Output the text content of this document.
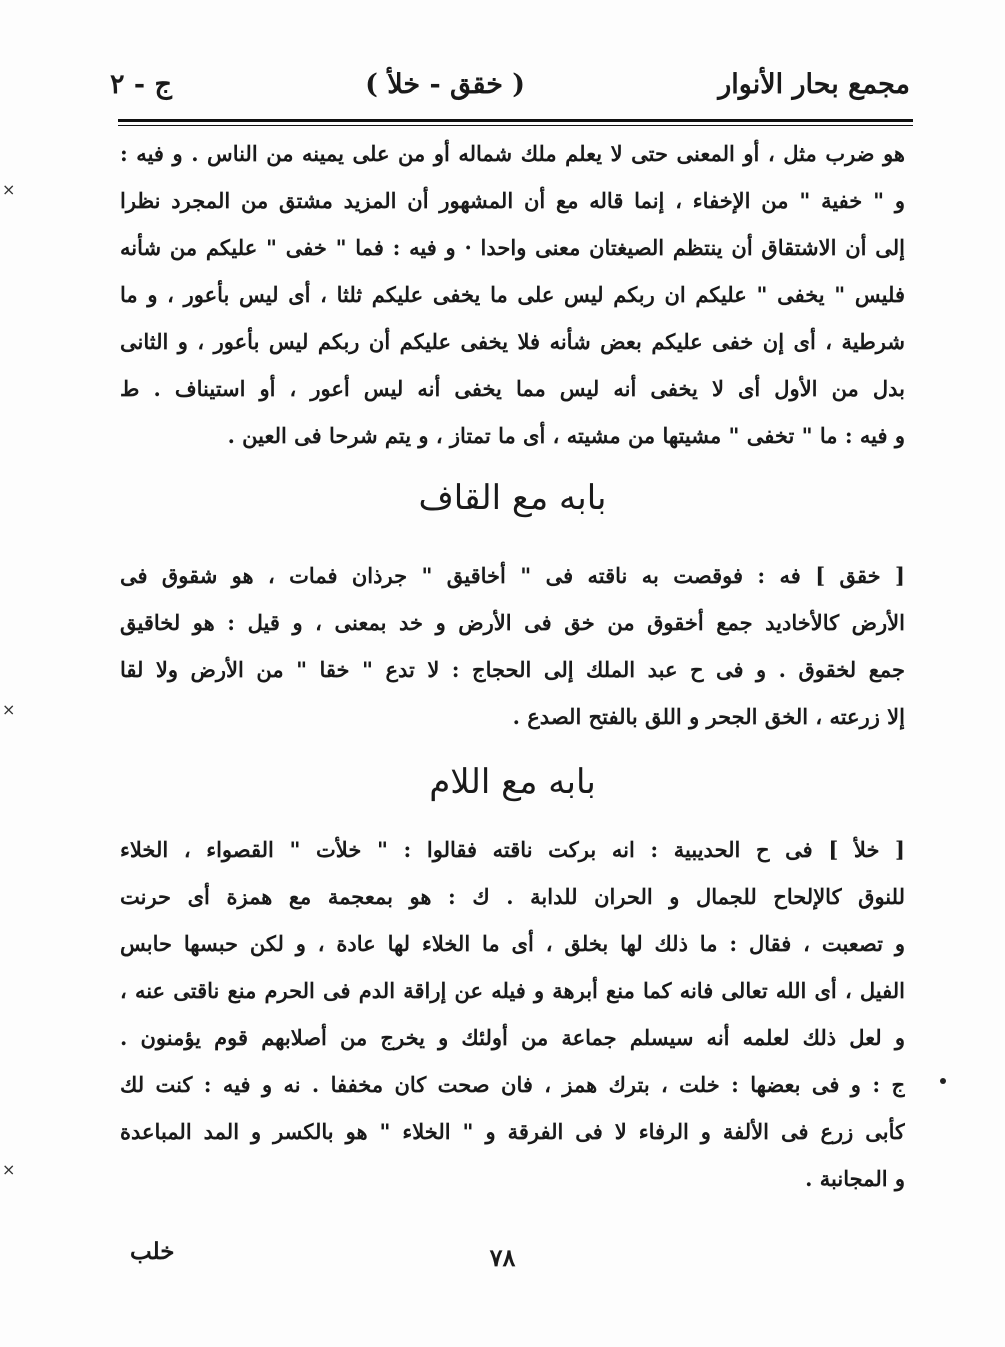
مجمع بحار الأنوار
( خقق - خلأ )
ج - ٢
هو ضرب مثل ، أو المعنى حتى لا يعلم ملك شماله أو من على يمينه من الناس . و فيه :
و " خفية " من الإخفاء ، إنما قاله مع أن المشهور أن المزيد مشتق من المجرد نظرا
إلى أن الاشتقاق أن ينتظم الصيغتان معنى واحدا · و فيه : فما " خفى " عليكم من شأنه
فليس " يخفى " عليكم ان ربكم ليس على ما يخفى عليكم ثلثا ، أى ليس بأعور ، و ما
شرطية ، أى إن خفى عليكم بعض شأنه فلا يخفى عليكم أن ربكم ليس بأعور ، و الثانى
بدل من الأول أى لا يخفى أنه ليس مما يخفى أنه ليس أعور ، أو استيناف . ط
و فيه : ما " تخفى " مشيتها من مشيته ، أى ما تمتاز ، و يتم شرحا فى العين .
بابه مع القاف
[ خقق ] فه : فوقصت به ناقته فى " أخاقيق " جرذان فمات ، هو شقوق فى
الأرض كالأخاديد جمع أخقوق من خق فى الأرض و خد بمعنى ، و قيل : هو لخاقيق
جمع لخقوق . و فى ح عبد الملك إلى الحجاج : لا تدع " خقا " من الأرض ولا لقا
إلا زرعته ، الخق الجحر و اللق بالفتح الصدع .
بابه مع اللام
[ خلأ ] فى ح الحديبية : انه بركت ناقته فقالوا : " خلأت " القصواء ، الخلاء
للنوق كالإلحاح للجمال و الحران للدابة . ك : هو بمعجمة مع همزة أى حرنت
و تصعبت ، فقال : ما ذلك لها بخلق ، أى ما الخلاء لها عادة ، و لكن حبسها حابس
الفيل ، أى الله تعالى فانه كما منع أبرهة و فيله عن إراقة الدم فى الحرم منع ناقتى عنه ،
و لعل ذلك لعلمه أنه سيسلم جماعة من أولئك و يخرج من أصلابهم قوم يؤمنون .
ج : و فى بعضها : خلت ، بترك همز ، فان صحت كان مخففا . نه و فيه : كنت لك
كأبى زرع فى الألفة و الرفاء لا فى الفرقة و " الخلاء " هو بالكسر و المد المباعدة
و المجانبة .
خلب	٧٨
×
×
×
